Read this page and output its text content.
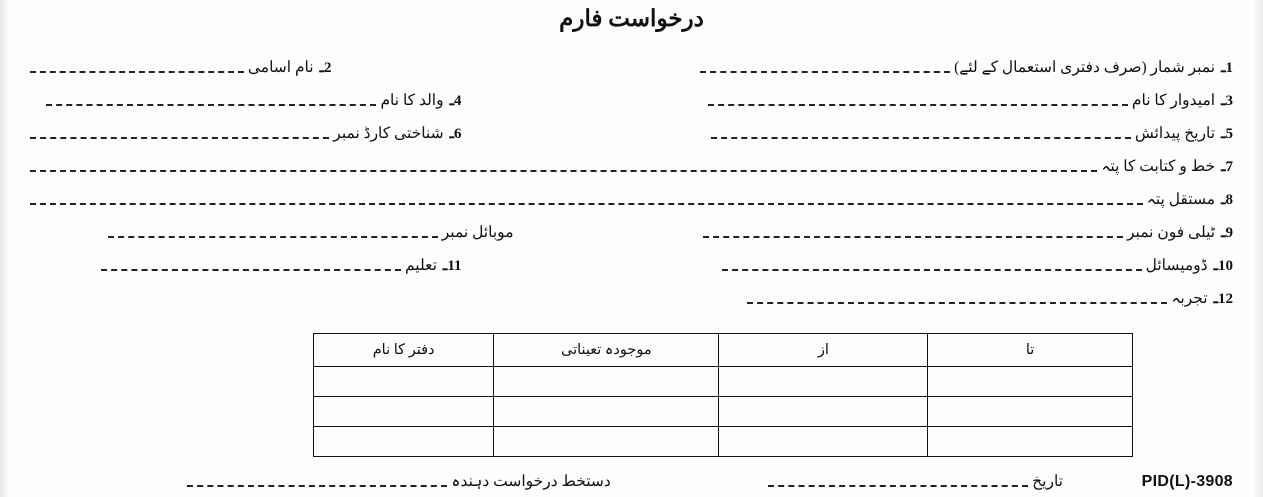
درخواست فارم
1ـ
نمبر شمار (صرف دفتری استعمال کے لئے)
2ـ
نام اسامی
3ـ
امیدوار کا نام
4ـ
والد کا نام
5ـ
تاریخ پیدائش
6ـ
شناختی کارڈ نمبر
7ـ
خط و کتابت کا پتہ
8ـ
مستقل پتہ
9ـ
ٹیلی فون نمبر
موبائل نمبر
10ـ
ڈومیسائل
11ـ
تعلیم
12ـ
تجربہ
تا	از	موجودہ تعیناتی	دفتر کا نام

PID(L)-3908
تاریخ
دستخط درخواست دہندہ
